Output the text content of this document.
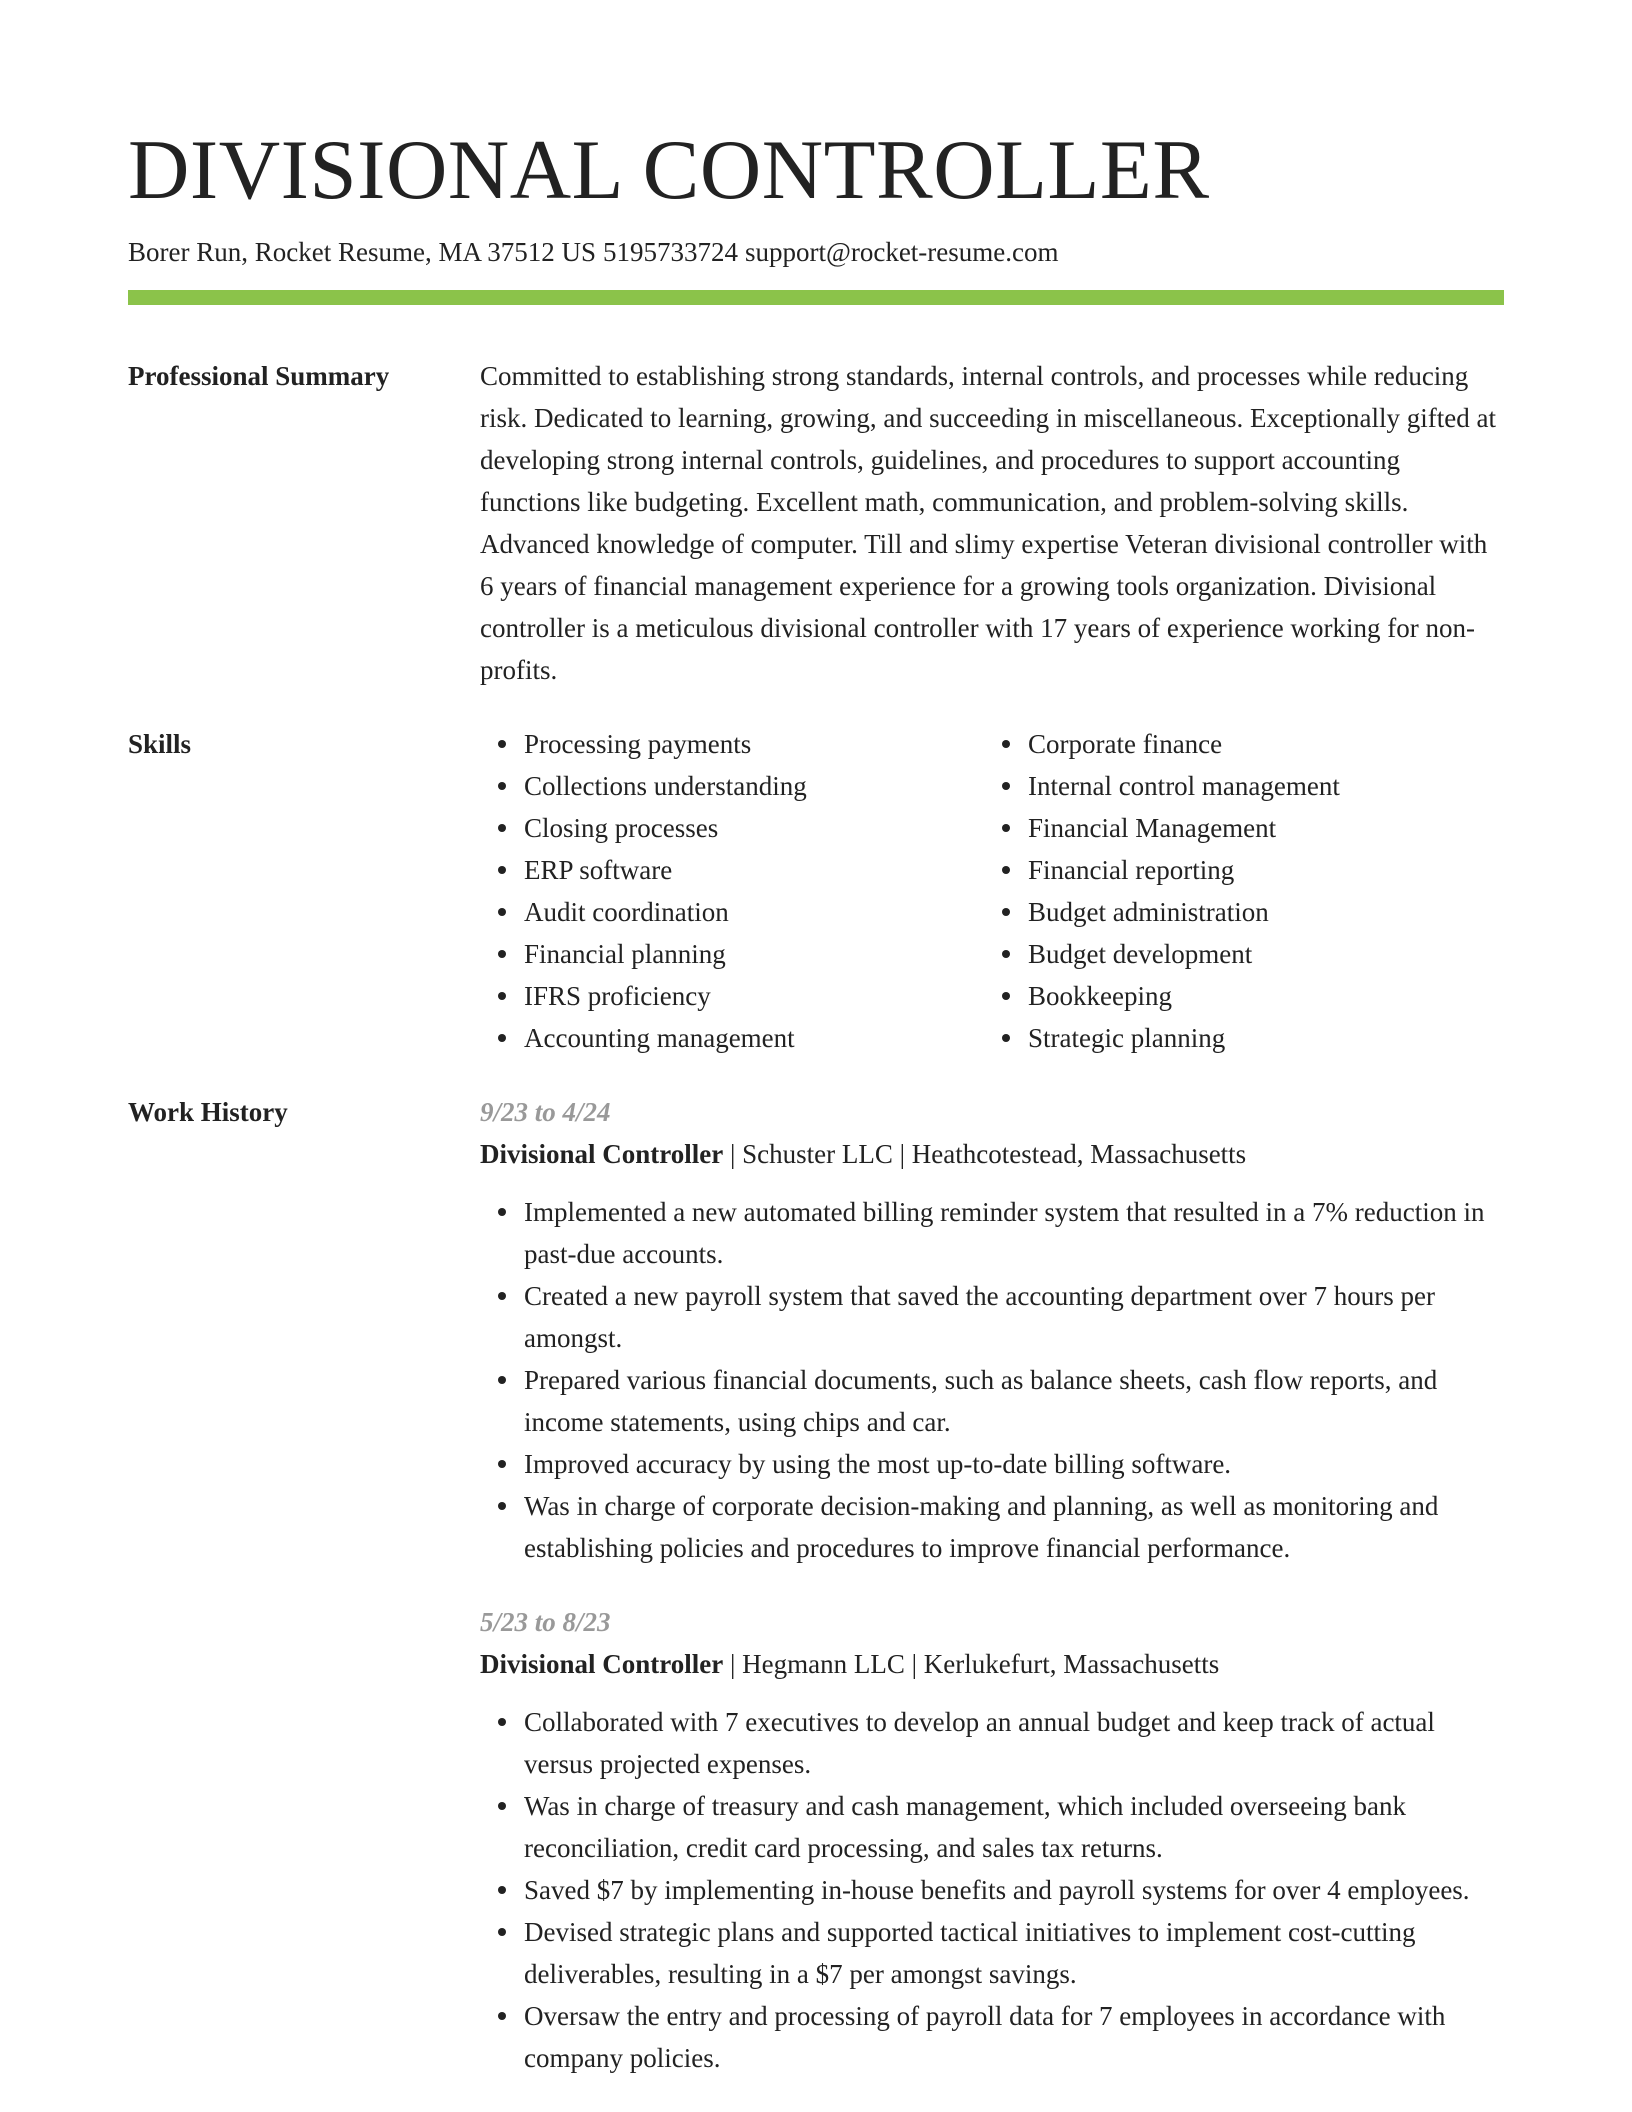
DIVISIONAL CONTROLLER
Borer Run, Rocket Resume, MA 37512 US 5195733724 support@rocket-resume.com
Professional Summary	Committed to establishing strong standards, internal controls, and processes while reducing risk. Dedicated to learning, growing, and succeeding in miscellaneous. Exceptionally gifted at developing strong internal controls, guidelines, and procedures to support accounting functions like budgeting. Excellent math, communication, and problem-solving skills. Advanced knowledge of computer. Till and slimy expertise Veteran divisional controller with 6 years of financial management experience for a growing tools organization. Divisional controller is a meticulous divisional controller with 17 years of experience working for non-profits.

Skills	Processing payments
Collections understanding
Closing processes
ERP software
Audit coordination
Financial planning
IFRS proficiency
Accounting management
Corporate finance
Internal control management
Financial Management
Financial reporting
Budget administration
Budget development
Bookkeeping
Strategic planning
Work History	9/23 to 4/24
Divisional Controller | Schuster LLC | Heathcotestead, Massachusetts
Implemented a new automated billing reminder system that resulted in a 7% reduction in past-due accounts.
Created a new payroll system that saved the accounting department over 7 hours per amongst.
Prepared various financial documents, such as balance sheets, cash flow reports, and income statements, using chips and car.
Improved accuracy by using the most up-to-date billing software.
Was in charge of corporate decision-making and planning, as well as monitoring and establishing policies and procedures to improve financial performance.
5/23 to 8/23
Divisional Controller | Hegmann LLC | Kerlukefurt, Massachusetts
Collaborated with 7 executives to develop an annual budget and keep track of actual versus projected expenses.
Was in charge of treasury and cash management, which included overseeing bank reconciliation, credit card processing, and sales tax returns.
Saved $7 by implementing in-house benefits and payroll systems for over 4 employees.
Devised strategic plans and supported tactical initiatives to implement cost-cutting deliverables, resulting in a $7 per amongst savings.
Oversaw the entry and processing of payroll data for 7 employees in accordance with company policies.
